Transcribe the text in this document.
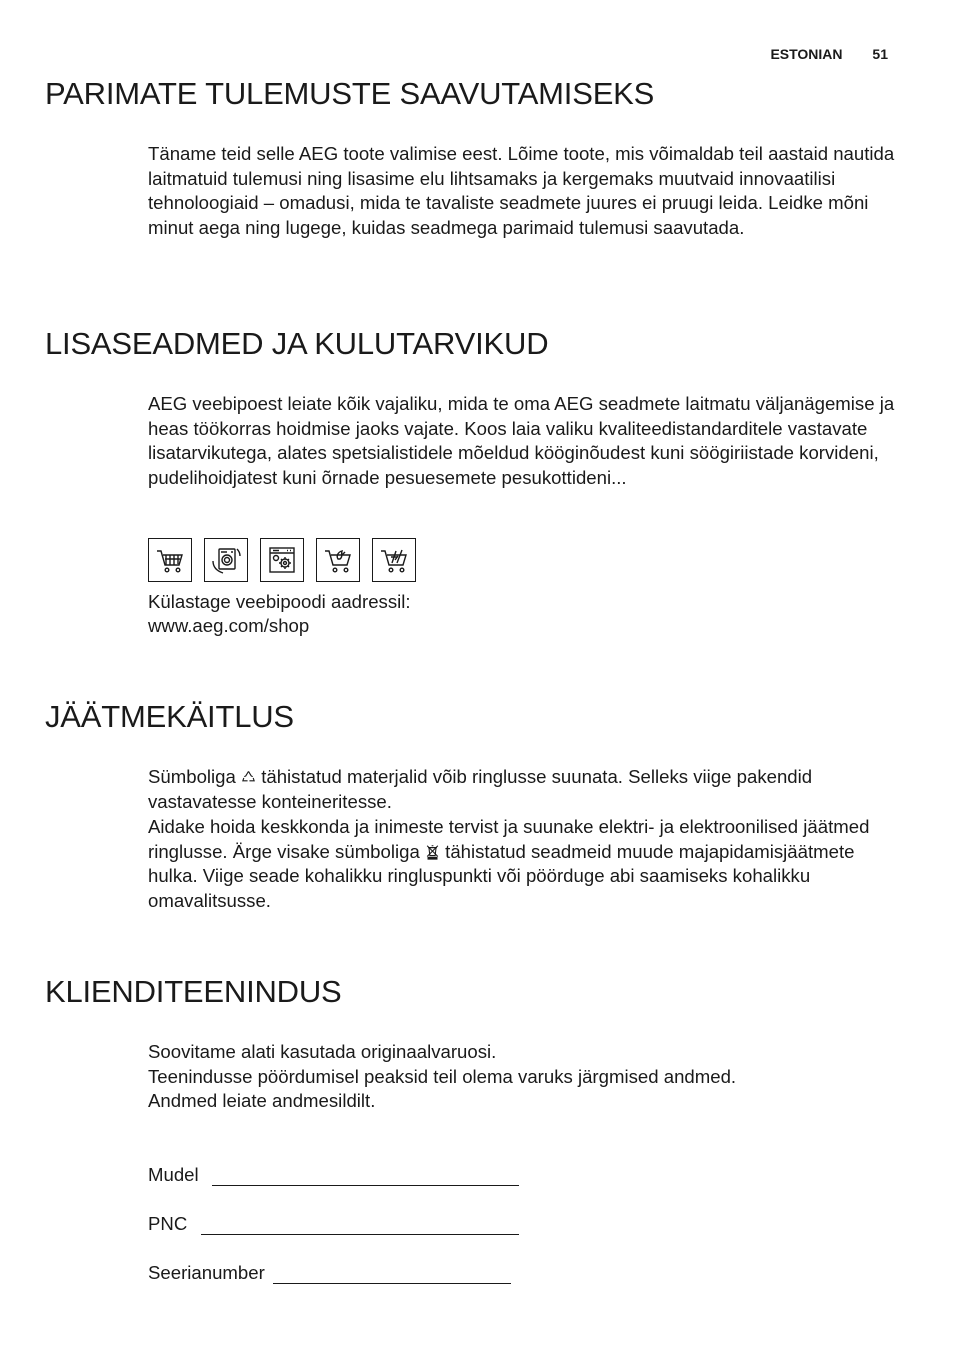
ESTONIAN 51
PARIMATE TULEMUSTE SAAVUTAMISEKS

Täname teid selle AEG toote valimise eest. Lõime toote, mis võimaldab teil aastaid nautida laitmatuid tulemusi ning lisasime elu lihtsamaks ja kergemaks muutvaid innovaatilisi tehnoloogiaid – omadusi, mida te tavaliste seadmete juures ei pruugi leida. Leidke mõni minut aega ning lugege, kuidas seadmega parimaid tulemusi saavutada.

LISASEADMED JA KULUTARVIKUD

AEG veebipoest leiate kõik vajaliku, mida te oma AEG seadmete laitmatu väljanägemise ja heas töökorras hoidmise jaoks vajate. Koos laia valiku kvaliteedistandarditele vastavate lisatarvikutega, alates spetsialistidele mõeldud kööginõudest kuni söögiriistade korvideni, pudelihoidjatest kuni õrnade pesuesemete pesukottideni...

Külastage veebipoodi aadressil:

www.aeg.com/shop

JÄÄTMEKÄITLUS

Sümboliga tähistatud materjalid võib ringlusse suunata. Selleks viige pakendid vastavatesse konteineritesse.

Aidake hoida keskkonda ja inimeste tervist ja suunake elektri- ja elektroonilised jäätmed ringlusse. Ärge visake sümboliga tähistatud seadmeid muude majapidamisjäätmete hulka. Viige seade kohalikku ringluspunkti või pöörduge abi saamiseks kohalikku omavalitsusse.

KLIENDITEENINDUS

Soovitame alati kasutada originaalvaruosi.

Teenindusse pöördumisel peaksid teil olema varuks järgmised andmed.

Andmed leiate andmesildilt.

Mudel
PNC
Seerianumber
